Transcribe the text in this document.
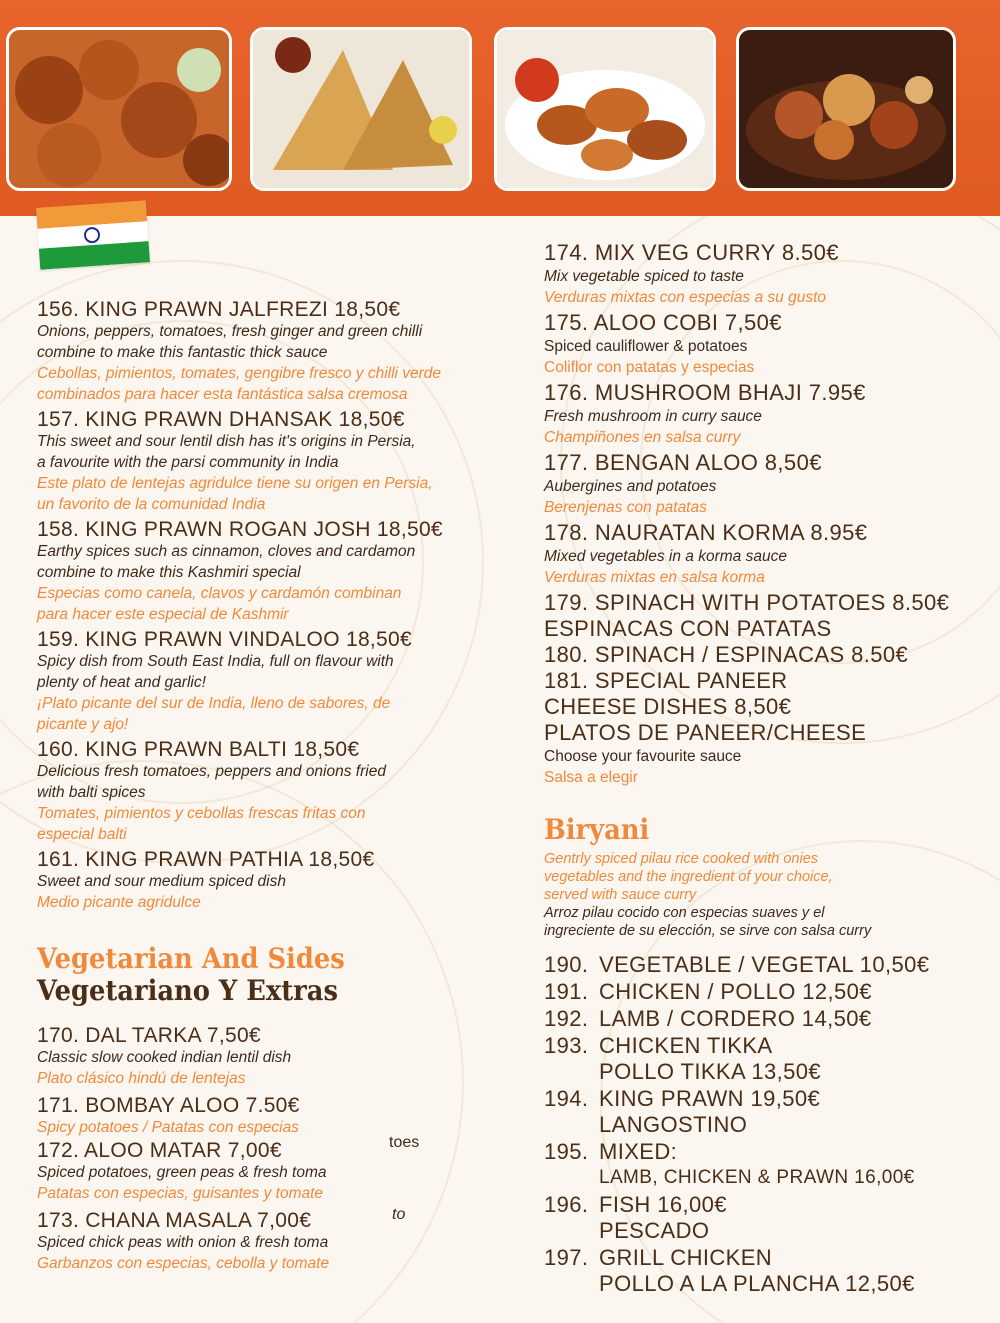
156. KING PRAWN JALFREZI 18,50€
Onions, peppers, tomatoes, fresh ginger and green chilli
combine to make this fantastic thick sauce
Cebollas, pimientos, tomates, gengibre fresco y chilli verde
combinados para hacer esta fantástica salsa cremosa
157. KING PRAWN DHANSAK 18,50€
This sweet and sour lentil dish has it's origins in Persia,
a favourite with the parsi community in India
Este plato de lentejas agridulce tiene su origen en Persia,
un favorito de la comunidad India
158. KING PRAWN ROGAN JOSH 18,50€
Earthy spices such as cinnamon, cloves and cardamon
combine to make this Kashmiri special
Especias como canela, clavos y cardamón combinan
para hacer este especial de Kashmir
159. KING PRAWN VINDALOO 18,50€
Spicy dish from South East India, full on flavour with
plenty of heat and garlic!
¡Plato picante del sur de India, lleno de sabores, de
picante y ajo!
160. KING PRAWN BALTI 18,50€
Delicious fresh tomatoes, peppers and onions fried
with balti spices
Tomates, pimientos y cebollas frescas fritas con
especial balti
161. KING PRAWN PATHIA 18,50€
Sweet and sour medium spiced dish
Medio picante agridulce
Vegetarian And Sides
Vegetariano Y Extras
170. DAL TARKA 7,50€
Classic slow cooked indian lentil dish
Plato clásico hindú de lentejas
171. BOMBAY ALOO 7.50€
Spicy potatoes / Patatas con especias
172. ALOO MATAR 7,00€	toes
Spiced potatoes, green peas & fresh toma
Patatas con especias, guisantes y tomate
173. CHANA MASALA 7,00€	to
Spiced chick peas with onion & fresh toma
Garbanzos con especias, cebolla y tomate
174. MIX VEG CURRY 8.50€
Mix vegetable spiced to taste
Verduras mixtas con especias a su gusto
175. ALOO COBI 7,50€
Spiced cauliflower & potatoes
Coliflor con patatas y especias
176. MUSHROOM BHAJI 7.95€
Fresh mushroom in curry sauce
Champiñones en salsa curry
177. BENGAN ALOO 8,50€
Aubergines and potatoes
Berenjenas con patatas
178. NAURATAN KORMA 8.95€
Mixed vegetables in a korma sauce
Verduras mixtas en salsa korma
179. SPINACH WITH POTATOES 8.50€
ESPINACAS CON PATATAS
180. SPINACH / ESPINACAS 8.50€
181. SPECIAL PANEER
CHEESE DISHES 8,50€
PLATOS DE PANEER/CHEESE
Choose your favourite sauce
Salsa a elegir
Biryani
Gentrly spiced pilau rice cooked with onies
vegetables and the ingredient of your choice,
served with sauce curry
Arroz pilau cocido con especias suaves y el
ingreciente de su elección, se sirve con salsa curry
190. VEGETABLE / VEGETAL 10,50€
191. CHICKEN / POLLO 12,50€
192. LAMB / CORDERO 14,50€
193. CHICKEN TIKKA
POLLO TIKKA 13,50€
194. KING PRAWN 19,50€
LANGOSTINO
195. MIXED:
LAMB, CHICKEN & PRAWN 16,00€
196. FISH 16,00€
PESCADO
197. GRILL CHICKEN
POLLO A LA PLANCHA 12,50€
